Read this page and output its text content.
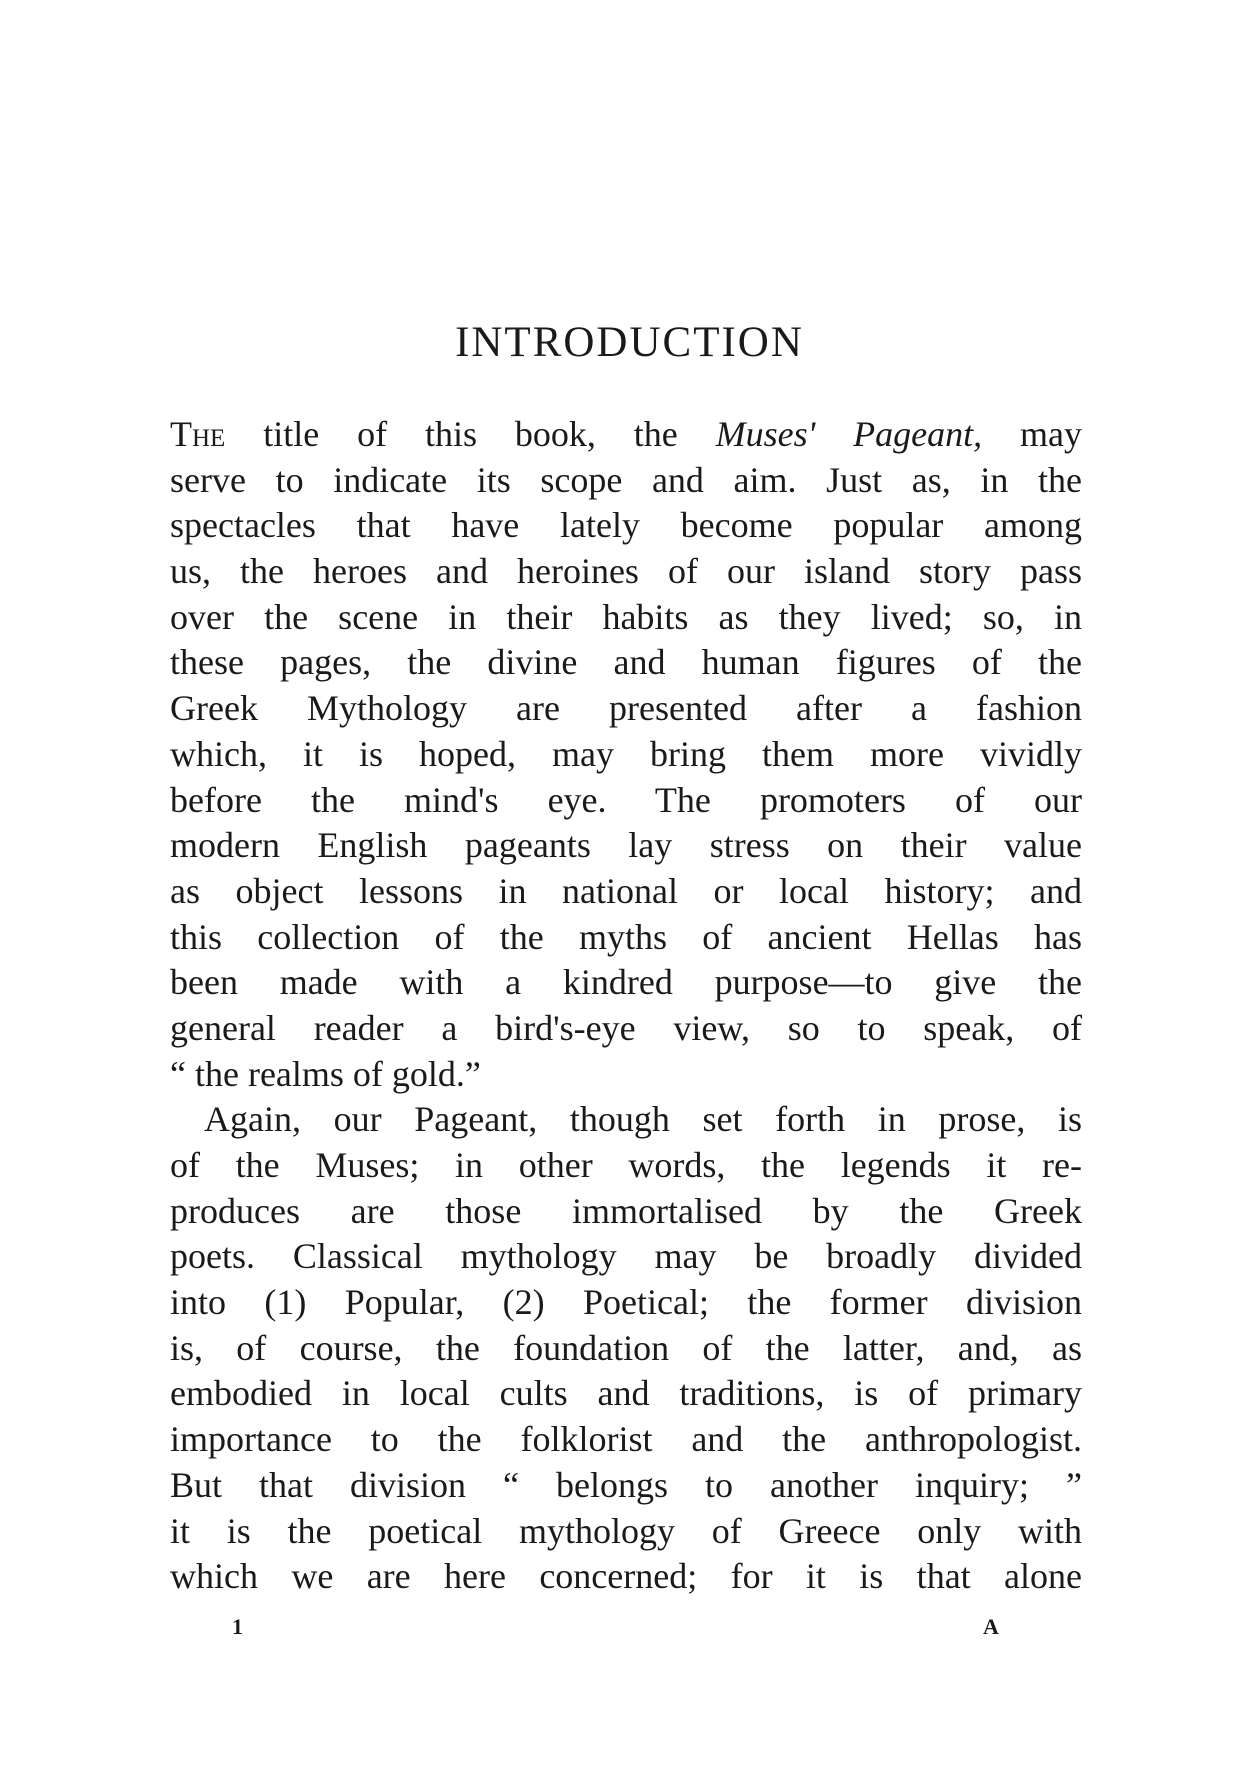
INTRODUCTION
The title of this book, the Muses' Pageant, may
serve to indicate its scope and aim. Just as, in the
spectacles that have lately become popular among
us, the heroes and heroines of our island story pass
over the scene in their habits as they lived; so, in
these pages, the divine and human figures of the
Greek Mythology are presented after a fashion
which, it is hoped, may bring them more vividly
before the mind's eye. The promoters of our
modern English pageants lay stress on their value
as object lessons in national or local history; and
this collection of the myths of ancient Hellas has
been made with a kindred purpose—to give the
general reader a bird's-eye view, so to speak, of
“ the realms of gold.”
Again, our Pageant, though set forth in prose, is
of the Muses; in other words, the legends it re-
produces are those immortalised by the Greek
poets. Classical mythology may be broadly divided
into (1) Popular, (2) Poetical; the former division
is, of course, the foundation of the latter, and, as
embodied in local cults and traditions, is of primary
importance to the folklorist and the anthropologist.
But that division “ belongs to another inquiry; ”
it is the poetical mythology of Greece only with
which we are here concerned; for it is that alone
1	A
